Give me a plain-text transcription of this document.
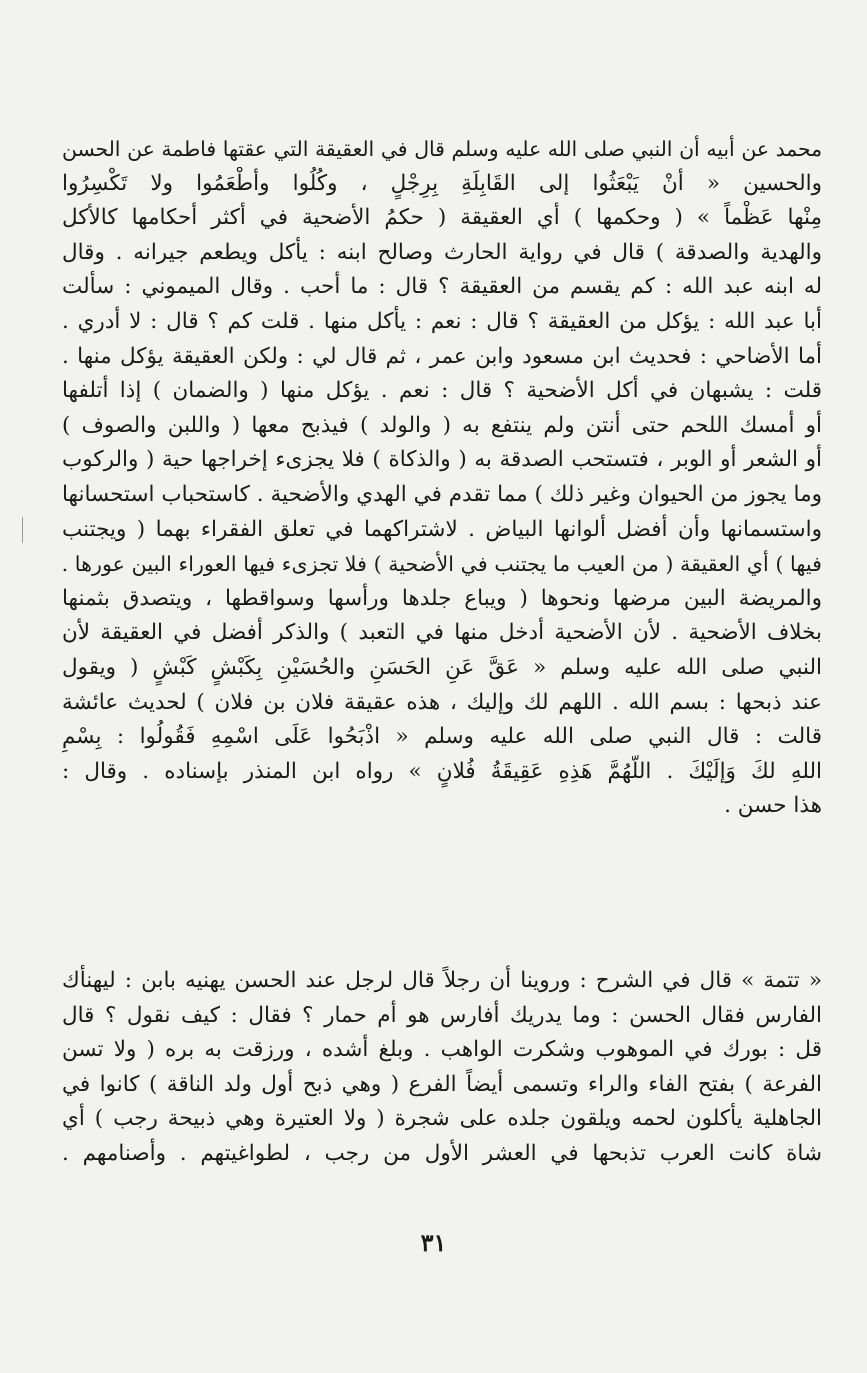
محمد عن أبيه أن النبي صلى الله عليه وسلم قال في العقيقة التي عقتها فاطمة عن الحسن
والحسين « أنْ يَبْعَثُوا إلى القَابِلَةِ بِرِجْلٍ ، وكُلُوا وأطْعَمُوا ولا تَكْسِرُوا
مِنْها عَظْماً » ( وحكمها ) أي العقيقة ( حكمُ الأضحية في أكثر أحكامها كالأكل
والهدية والصدقة ) قال في رواية الحارث وصالح ابنه : يأكل ويطعم جيرانه . وقال
له ابنه عبد الله : كم يقسم من العقيقة ؟ قال : ما أحب . وقال الميموني : سألت
أبا عبد الله : يؤكل من العقيقة ؟ قال : نعم : يأكل منها . قلت كم ؟ قال : لا أدري .
أما الأضاحي : فحديث ابن مسعود وابن عمر ، ثم قال لي : ولكن العقيقة يؤكل منها .
قلت : يشبهان في أكل الأضحية ؟ قال : نعم . يؤكل منها ( والضمان ) إذا أتلفها
أو أمسك اللحم حتى أنتن ولم ينتفع به ( والولد ) فيذبح معها ( واللبن والصوف )
أو الشعر أو الوبر ، فتستحب الصدقة به ( والذكاة ) فلا يجزىء إخراجها حية ( والركوب
وما يجوز من الحيوان وغير ذلك ) مما تقدم في الهدي والأضحية . كاستحباب استحسانها
واستسمانها وأن أفضل ألوانها البياض . لاشتراكهما في تعلق الفقراء بهما ( ويجتنب
فيها ) أي العقيقة ( من العيب ما يجتنب في الأضحية ) فلا تجزىء فيها العوراء البين عورها .
والمريضة البين مرضها ونحوها ( ويباع جلدها ورأسها وسواقطها ، ويتصدق بثمنها
بخلاف الأضحية . لأن الأضحية أدخل منها في التعبد ) والذكر أفضل في العقيقة لأن
النبي صلى الله عليه وسلم « عَقَّ عَنِ الحَسَنِ والحُسَيْنِ بِكَبْشٍ كَبْشٍ ( ويقول
عند ذبحها : بسم الله . اللهم لك وإليك ، هذه عقيقة فلان بن فلان ) لحديث عائشة
قالت : قال النبي صلى الله عليه وسلم « اذْبَحُوا عَلَى اسْمِهِ فَقُولُوا : بِسْمِ
اللهِ لكَ وَإلَيْكَ . اللَّهُمَّ هَذِهِ عَقِيقَةُ فُلانٍ » رواه ابن المنذر بإسناده . وقال :
هذا حسن .
« تتمة » قال في الشرح : وروينا أن رجلاً قال لرجل عند الحسن يهنيه بابن : ليهنأك
الفارس فقال الحسن : وما يدريك أفارس هو أم حمار ؟ فقال : كيف نقول ؟ قال
قل : بورك في الموهوب وشكرت الواهب . وبلغ أشده ، ورزقت به بره ( ولا تسن
الفرعة ) بفتح الفاء والراء وتسمى أيضاً الفرع ( وهي ذبح أول ولد الناقة ) كانوا في
الجاهلية يأكلون لحمه ويلقون جلده على شجرة ( ولا العتيرة وهي ذبيحة رجب ) أي
شاة كانت العرب تذبحها في العشر الأول من رجب ، لطواغيتهم . وأصنامهم .
٣١
